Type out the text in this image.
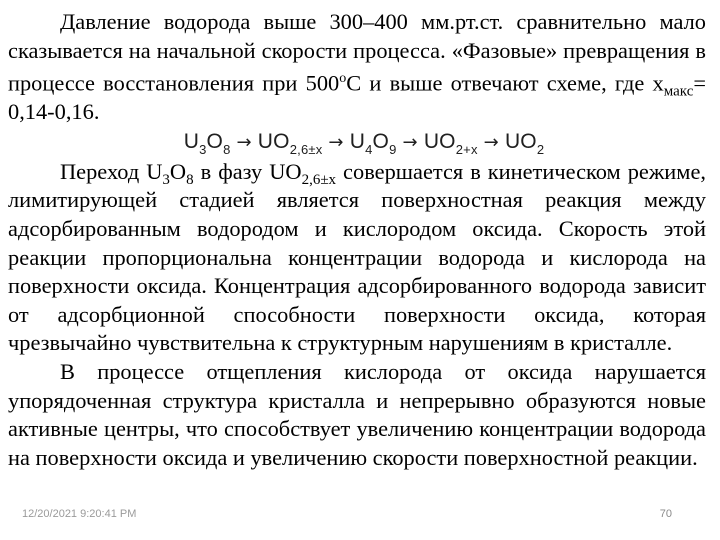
Давление водорода выше 300–400 мм.рт.ст. сравнительно мало сказывается на начальной скорости процесса. «Фазовые» превращения в процессе восстановления при $500^оС$ и выше отвечают схеме, где $x_{макс}= 0,14-0,16$.

$U_3O_8 \to UO_{2,6\pm x} \to U_4O_9 \to UO_{2+x} \to UO_2$

Переход $U_3O_8$ в фазу $UO_{2,6\pm x}$ совершается в кинетическом режиме, лимитирующей стадией является поверхностная реакция между адсорбированным водородом и кислородом оксида. Скорость этой реакции пропорциональна концентрации водорода и кислорода на поверхности оксида. Концентрация адсорбированного водорода зависит от адсорбционной способности поверхности оксида, которая чрезвычайно чувствительна к структурным нарушениям в кристалле.

В процессе отщепления кислорода от оксида нарушается упорядоченная структура кристалла и непрерывно образуются новые активные центры, что способствует увеличению концентрации водорода на поверхности оксида и увеличению скорости поверхностной реакции.

12/20/2021 9:20:41 PM	70
